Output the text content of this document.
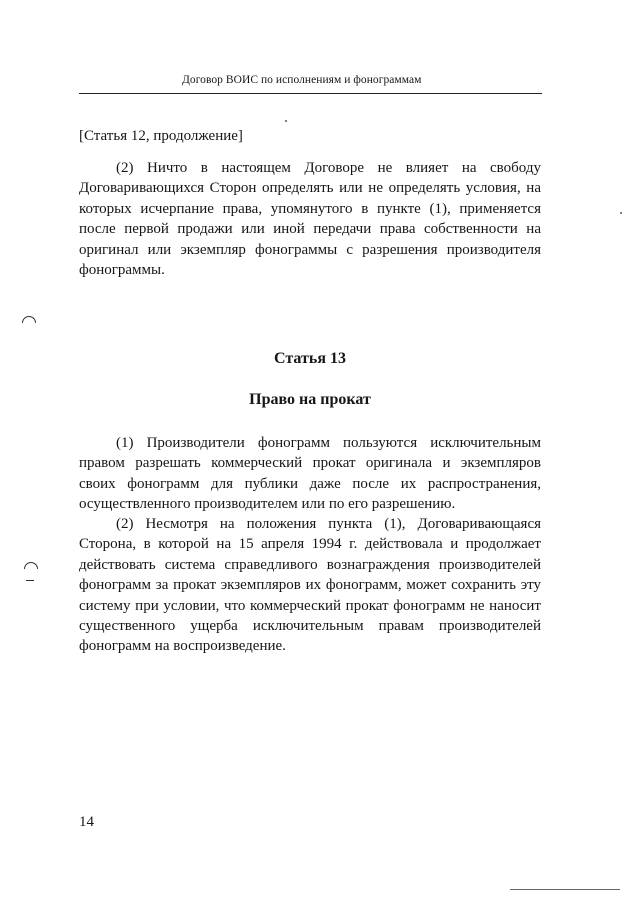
Договор ВОИС по исполнениям и фонограммам
[Статья 12, продолжение]
(2) Ничто в настоящем Договоре не влияет на свободу Договаривающихся Сторон определять или не определять условия, на которых исчерпание права, упомянутого в пункте (1), применяется после первой продажи или иной передачи права собственности на оригинал или экземпляр фонограммы с разрешения производителя фонограммы.
Статья 13
Право на прокат
(1) Производители фонограмм пользуются исключительным правом разрешать коммерческий прокат оригинала и экземпляров своих фонограмм для публики даже после их распространения, осуществленного производителем или по его разрешению.
(2) Несмотря на положения пункта (1), Договаривающаяся Сторона, в которой на 15 апреля 1994 г. действовала и продолжает действовать система справедливого вознаграждения производителей фонограмм за прокат экземпляров их фонограмм, может сохранить эту систему при условии, что коммерческий прокат фонограмм не наносит существенного ущерба исключительным правам производителей фонограмм на воспроизведение.
14
